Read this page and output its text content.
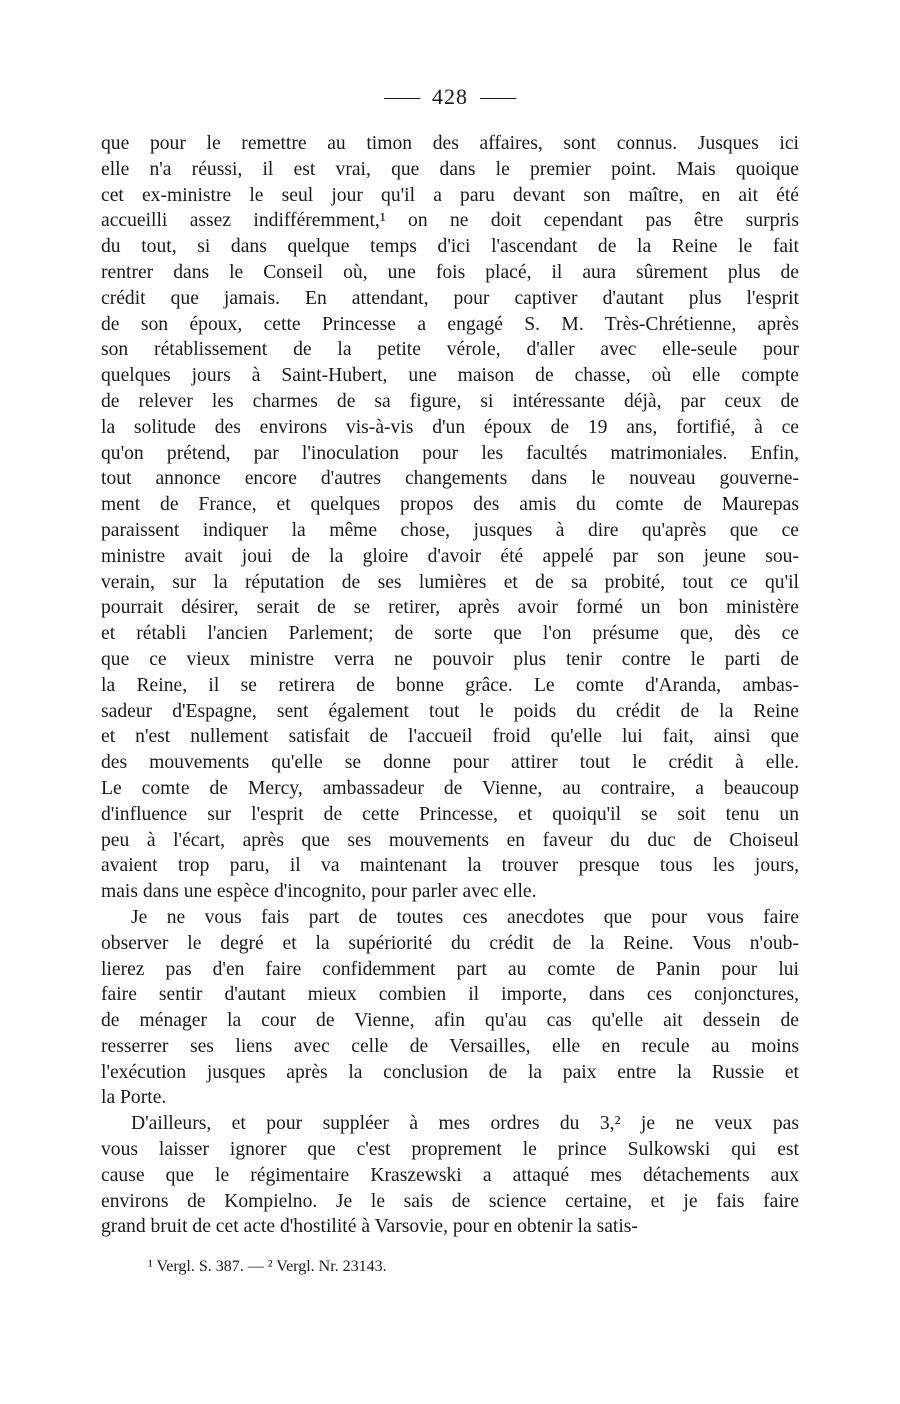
428
que pour le remettre au timon des affaires, sont connus. Jusques ici
elle n'a réussi, il est vrai, que dans le premier point. Mais quoique
cet ex-ministre le seul jour qu'il a paru devant son maître, en ait été
accueilli assez indifféremment,¹ on ne doit cependant pas être surpris
du tout, si dans quelque temps d'ici l'ascendant de la Reine le fait
rentrer dans le Conseil où, une fois placé, il aura sûrement plus de
crédit que jamais. En attendant, pour captiver d'autant plus l'esprit
de son époux, cette Princesse a engagé S. M. Très-Chrétienne, après
son rétablissement de la petite vérole, d'aller avec elle-seule pour
quelques jours à Saint-Hubert, une maison de chasse, où elle compte
de relever les charmes de sa figure, si intéressante déjà, par ceux de
la solitude des environs vis-à-vis d'un époux de 19 ans, fortifié, à ce
qu'on prétend, par l'inoculation pour les facultés matrimoniales. Enfin,
tout annonce encore d'autres changements dans le nouveau gouverne-
ment de France, et quelques propos des amis du comte de Maurepas
paraissent indiquer la même chose, jusques à dire qu'après que ce
ministre avait joui de la gloire d'avoir été appelé par son jeune sou-
verain, sur la réputation de ses lumières et de sa probité, tout ce qu'il
pourrait désirer, serait de se retirer, après avoir formé un bon ministère
et rétabli l'ancien Parlement; de sorte que l'on présume que, dès ce
que ce vieux ministre verra ne pouvoir plus tenir contre le parti de
la Reine, il se retirera de bonne grâce. Le comte d'Aranda, ambas-
sadeur d'Espagne, sent également tout le poids du crédit de la Reine
et n'est nullement satisfait de l'accueil froid qu'elle lui fait, ainsi que
des mouvements qu'elle se donne pour attirer tout le crédit à elle.
Le comte de Mercy, ambassadeur de Vienne, au contraire, a beaucoup
d'influence sur l'esprit de cette Princesse, et quoiqu'il se soit tenu un
peu à l'écart, après que ses mouvements en faveur du duc de Choiseul
avaient trop paru, il va maintenant la trouver presque tous les jours,
mais dans une espèce d'incognito, pour parler avec elle.
Je ne vous fais part de toutes ces anecdotes que pour vous faire
observer le degré et la supériorité du crédit de la Reine. Vous n'oub-
lierez pas d'en faire confidemment part au comte de Panin pour lui
faire sentir d'autant mieux combien il importe, dans ces conjonctures,
de ménager la cour de Vienne, afin qu'au cas qu'elle ait dessein de
resserrer ses liens avec celle de Versailles, elle en recule au moins
l'exécution jusques après la conclusion de la paix entre la Russie et
la Porte.
D'ailleurs, et pour suppléer à mes ordres du 3,² je ne veux pas
vous laisser ignorer que c'est proprement le prince Sulkowski qui est
cause que le régimentaire Kraszewski a attaqué mes détachements aux
environs de Kompielno. Je le sais de science certaine, et je fais faire
grand bruit de cet acte d'hostilité à Varsovie, pour en obtenir la satis-
¹ Vergl. S. 387. — ² Vergl. Nr. 23143.
